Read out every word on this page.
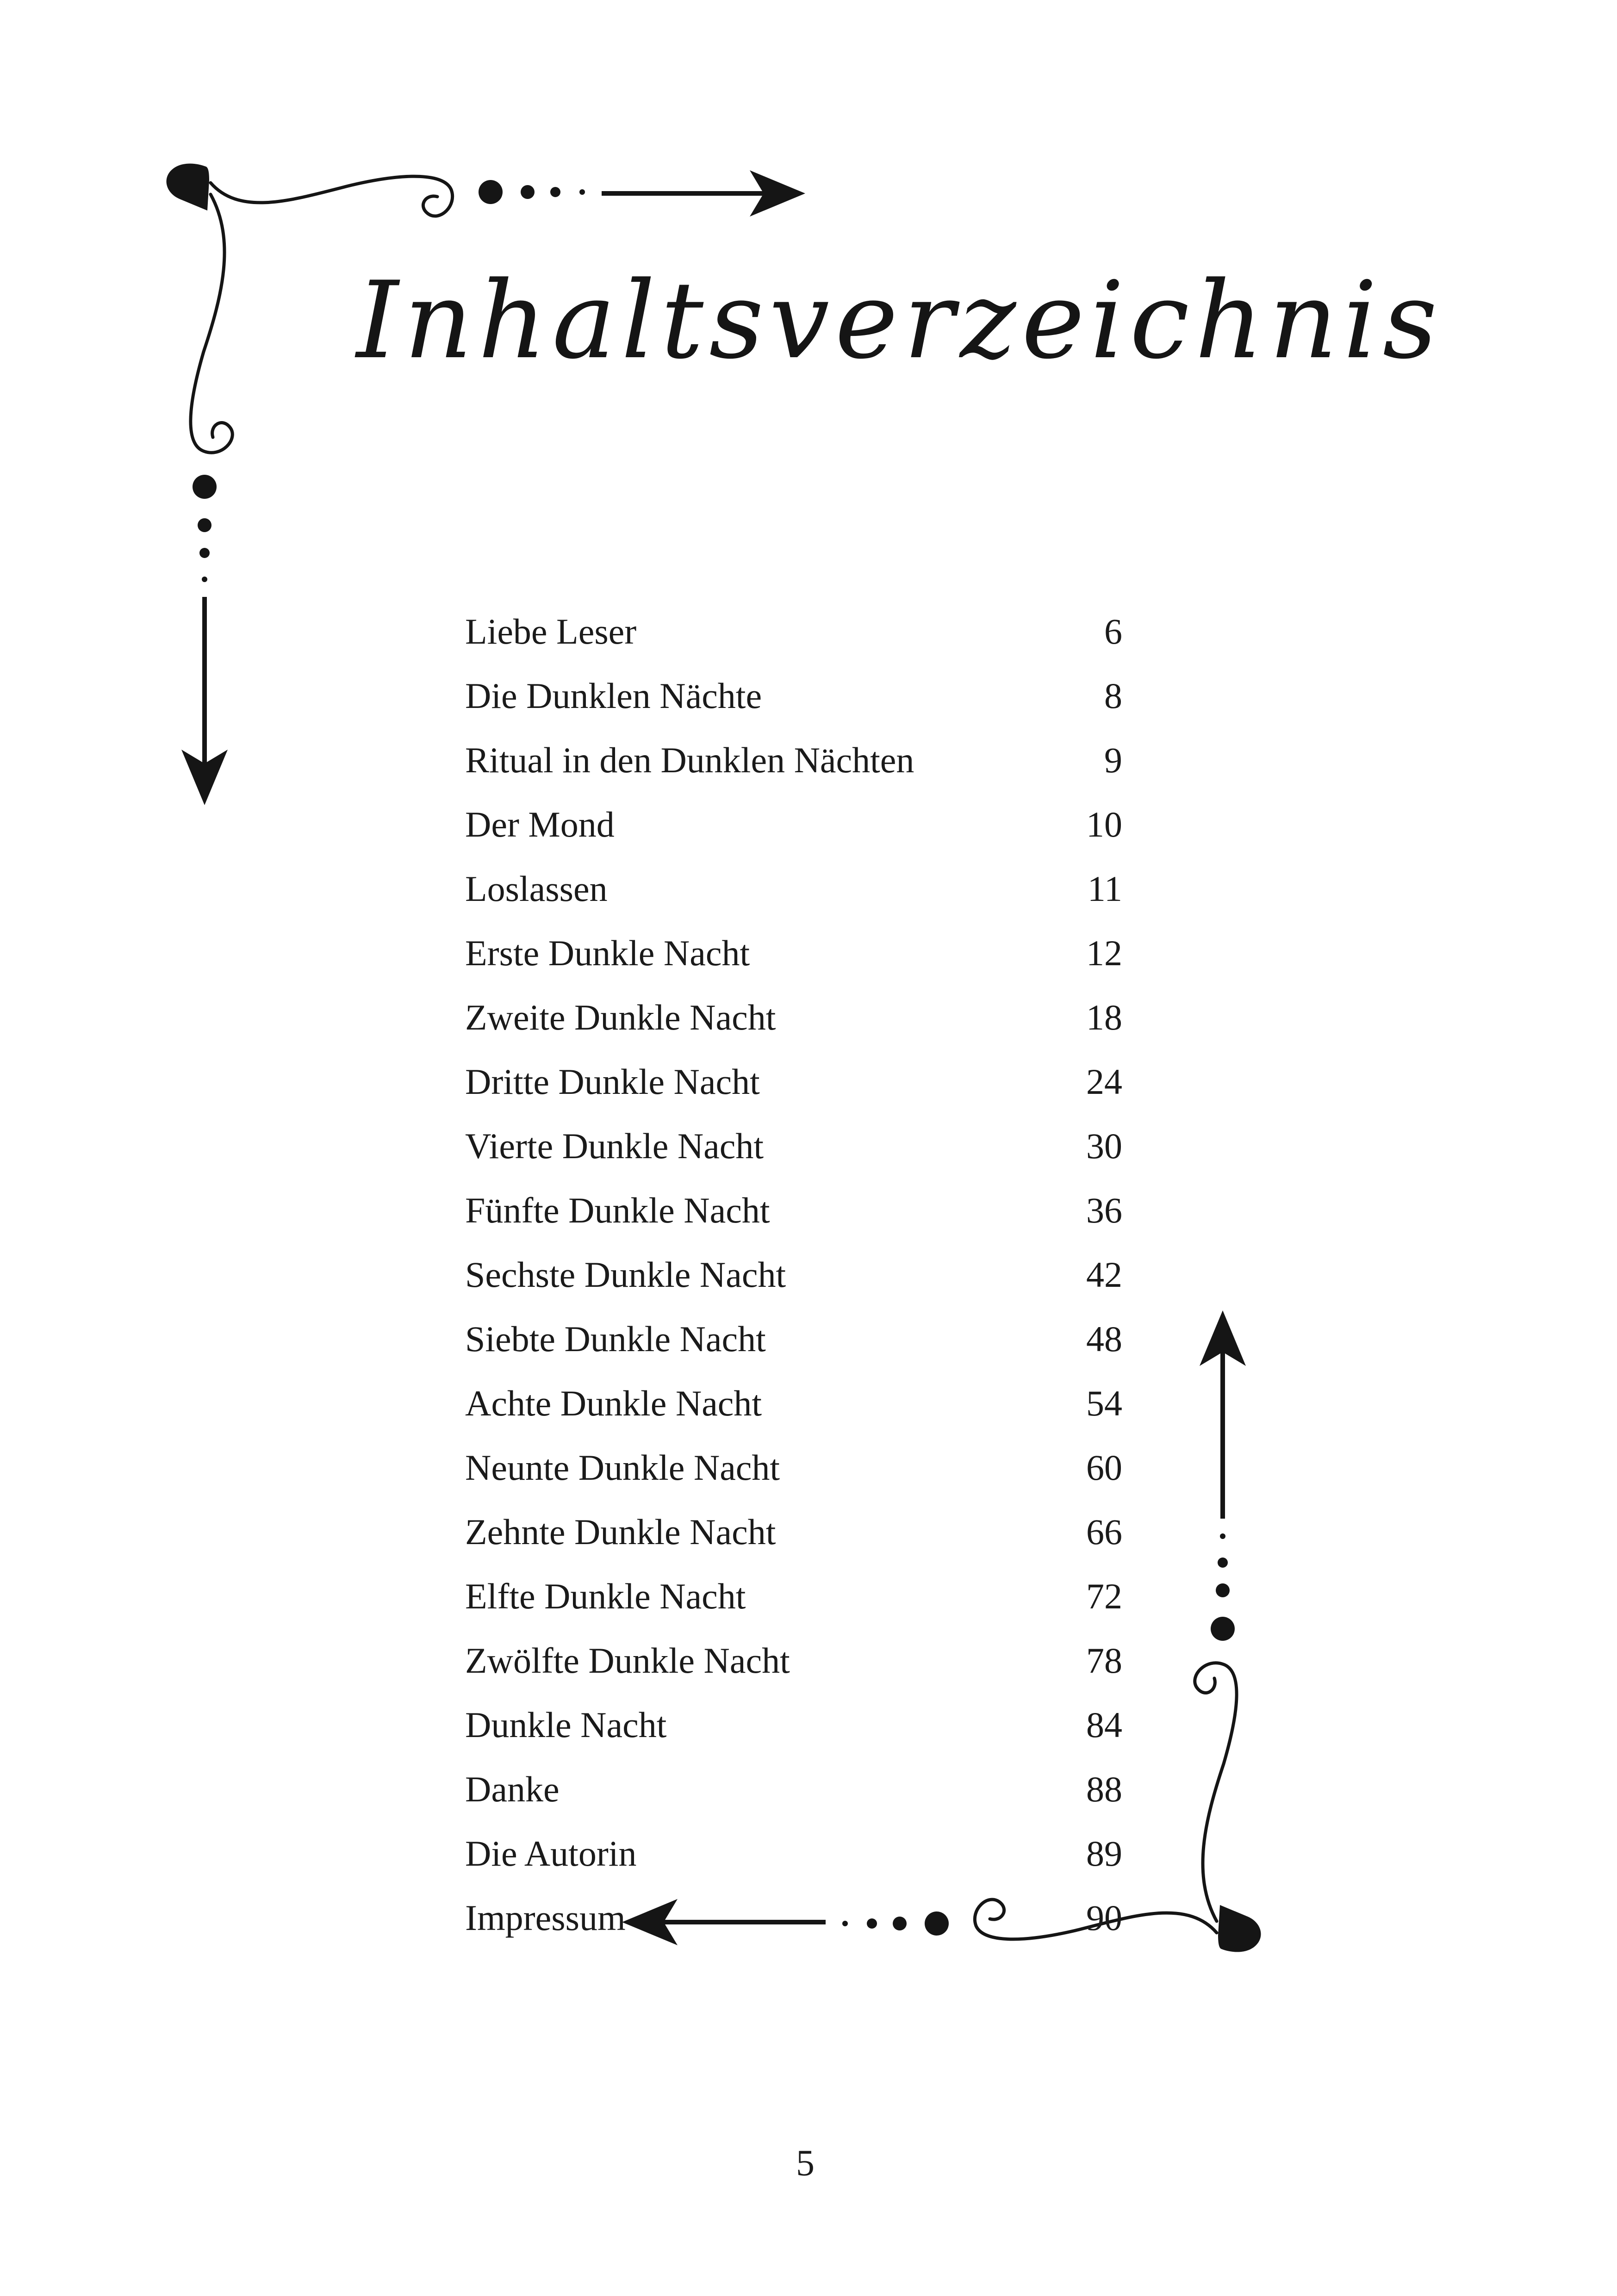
Inhaltsverzeichnis
Liebe Leser	6
Die Dunklen Nächte	8
Ritual in den Dunklen Nächten	9
Der Mond	10
Loslassen	11
Erste Dunkle Nacht	12
Zweite Dunkle Nacht	18
Dritte Dunkle Nacht	24
Vierte Dunkle Nacht	30
Fünfte Dunkle Nacht	36
Sechste Dunkle Nacht	42
Siebte Dunkle Nacht	48
Achte Dunkle Nacht	54
Neunte Dunkle Nacht	60
Zehnte Dunkle Nacht	66
Elfte Dunkle Nacht	72
Zwölfte Dunkle Nacht	78
Dunkle Nacht	84
Danke	88
Die Autorin	89
Impressum	90
5
